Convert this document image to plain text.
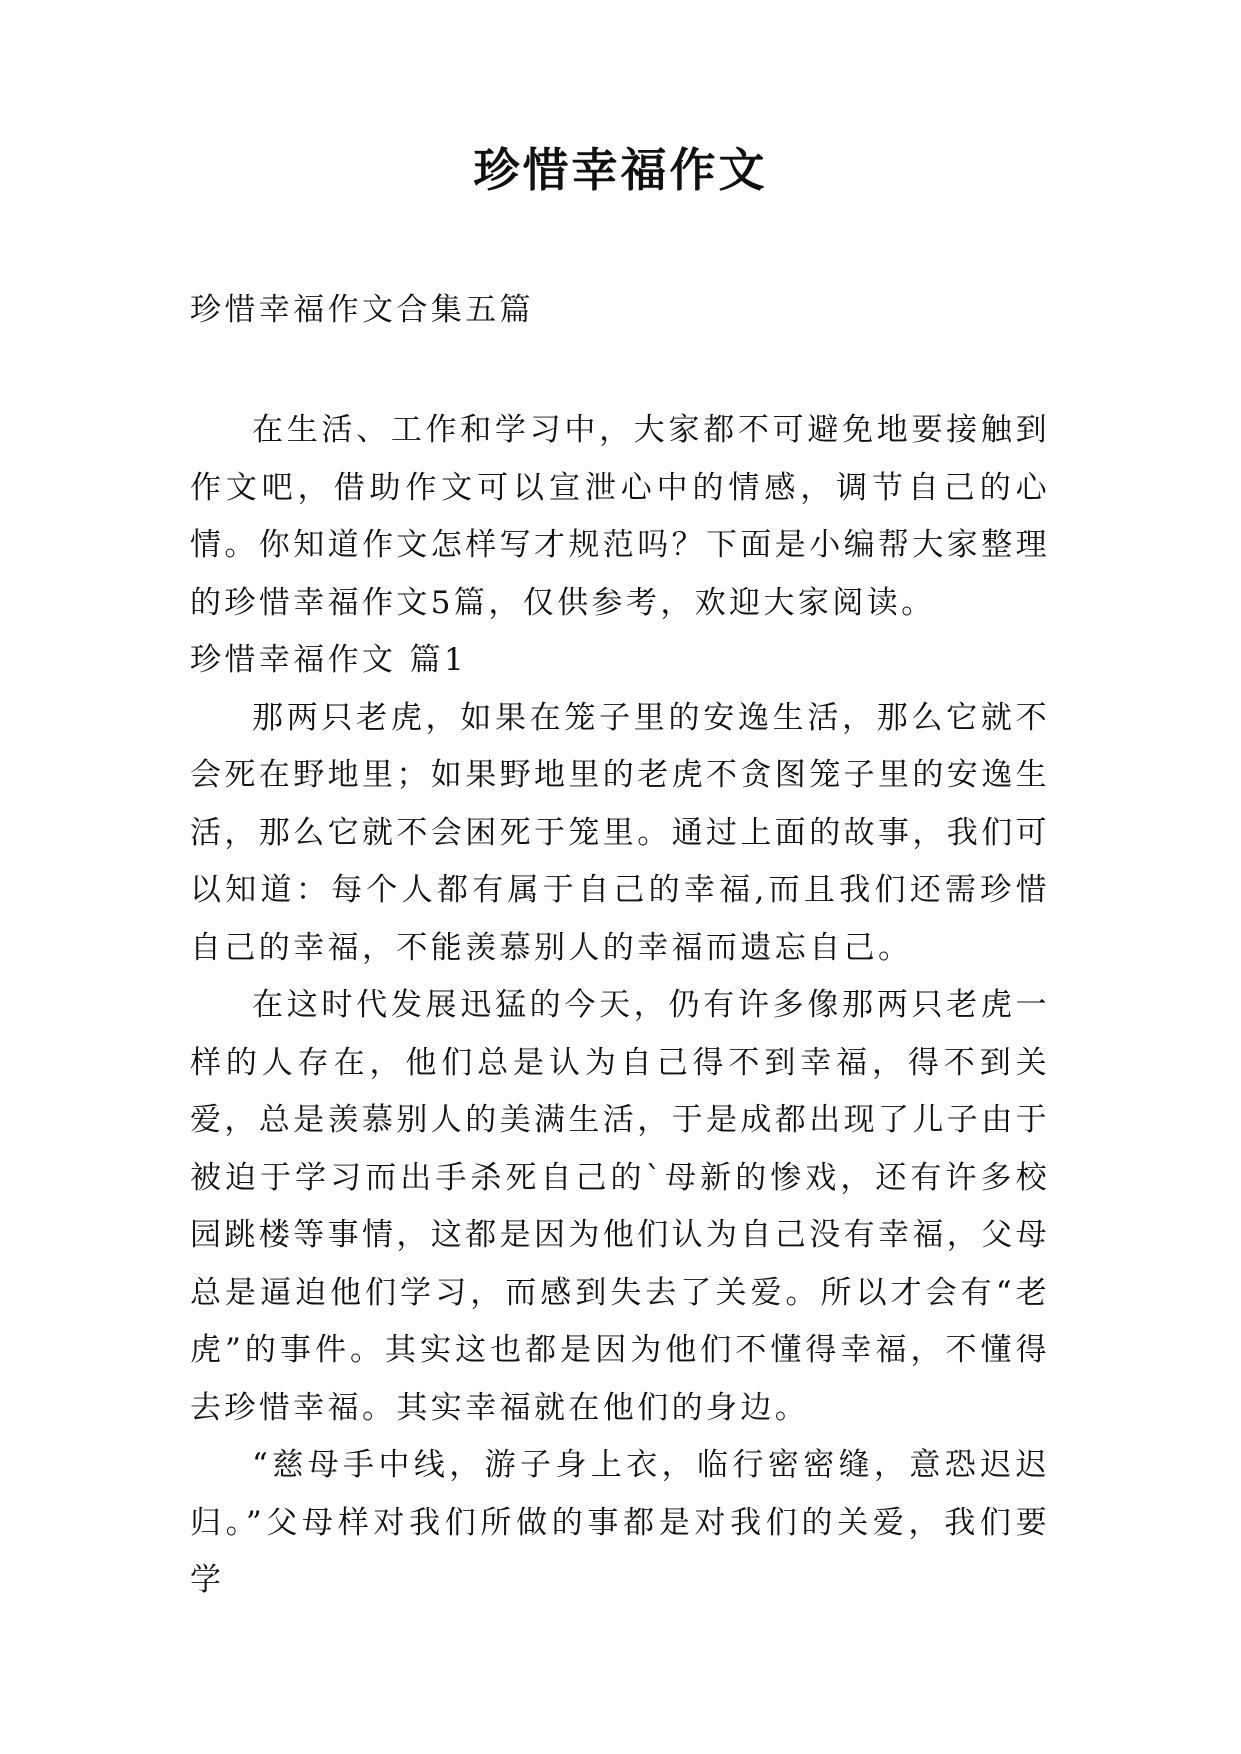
珍惜幸福作文

珍惜幸福作文合集五篇

在生活、工作和学习中，大家都不可避免地要接触到作文吧，借助作文可以宣泄心中的情感，调节自己的心情。你知道作文怎样写才规范吗？下面是小编帮大家整理的珍惜幸福作文5篇，仅供参考，欢迎大家阅读。

珍惜幸福作文 篇1

那两只老虎，如果在笼子里的安逸生活，那么它就不会死在野地里；如果野地里的老虎不贪图笼子里的安逸生活，那么它就不会困死于笼里。通过上面的故事，我们可以知道：每个人都有属于自己的幸福,而且我们还需珍惜自己的幸福，不能羡慕别人的幸福而遗忘自己。

在这时代发展迅猛的今天，仍有许多像那两只老虎一样的人存在，他们总是认为自己得不到幸福，得不到关爱，总是羡慕别人的美满生活，于是成都出现了儿子由于被迫于学习而出手杀死自己的`母新的惨戏，还有许多校园跳楼等事情，这都是因为他们认为自己没有幸福，父母总是逼迫他们学习，而感到失去了关爱。所以才会有“老虎”的事件。其实这也都是因为他们不懂得幸福，不懂得去珍惜幸福。其实幸福就在他们的身边。

“慈母手中线，游子身上衣，临行密密缝，意恐迟迟归。”父母样对我们所做的事都是对我们的关爱，我们要学
